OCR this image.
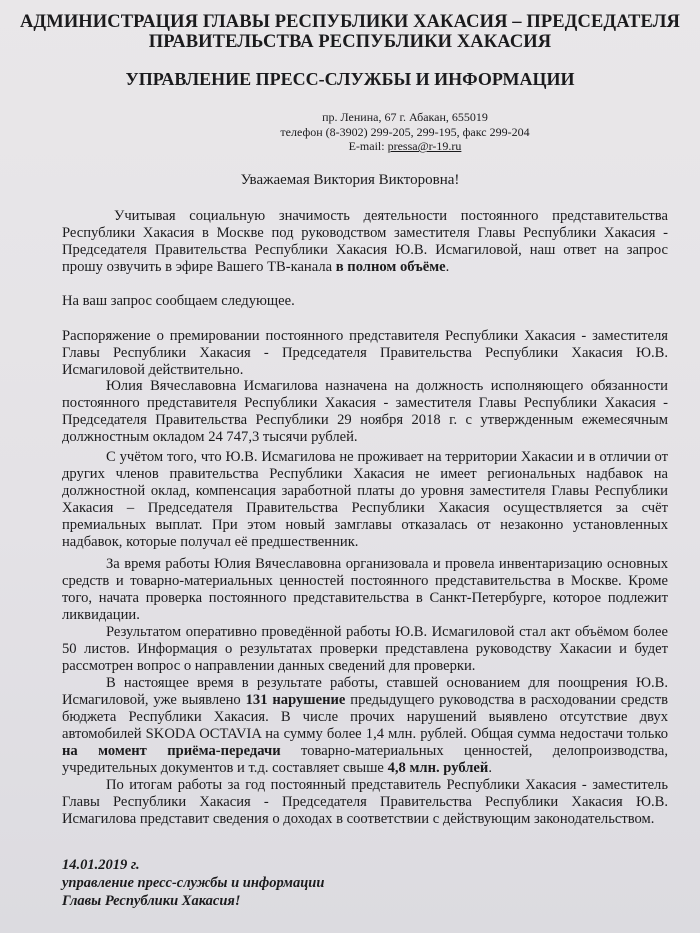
АДМИНИСТРАЦИЯ ГЛАВЫ РЕСПУБЛИКИ ХАКАСИЯ – ПРЕДСЕДАТЕЛЯ
ПРАВИТЕЛЬСТВА РЕСПУБЛИКИ ХАКАСИЯ
УПРАВЛЕНИЕ ПРЕСС-СЛУЖБЫ И ИНФОРМАЦИИ
пр. Ленина, 67 г. Абакан, 655019
телефон (8-3902) 299-205, 299-195, факс 299-204
E-mail: pressa@r-19.ru
Уважаемая Виктория Викторовна!

Учитывая социальную значимость деятельности постоянного представительства Республики Хакасия в Москве под руководством заместителя Главы Республики Хакасия - Председателя Правительства Республики Хакасия Ю.В. Исмагиловой, наш ответ на запрос прошу озвучить в эфире Вашего ТВ-канала в полном объёме.

На ваш запрос сообщаем следующее.

Распоряжение о премировании постоянного представителя Республики Хакасия - заместителя Главы Республики Хакасия - Председателя Правительства Республики Хакасия Ю.В. Исмагиловой действительно.

Юлия Вячеславовна Исмагилова назначена на должность исполняющего обязанности постоянного представителя Республики Хакасия - заместителя Главы Республики Хакасия - Председателя Правительства Республики 29 ноября 2018 г. с утвержденным ежемесячным должностным окладом 24 747,3 тысячи рублей.

С учётом того, что Ю.В. Исмагилова не проживает на территории Хакасии и в отличии от других членов правительства Республики Хакасия не имеет региональных надбавок на должностной оклад, компенсация заработной платы до уровня заместителя Главы Республики Хакасия – Председателя Правительства Республики Хакасия осуществляется за счёт премиальных выплат. При этом новый замглавы отказалась от незаконно установленных надбавок, которые получал её предшественник.

За время работы Юлия Вячеславовна организовала и провела инвентаризацию основных средств и товарно-материальных ценностей постоянного представительства в Москве. Кроме того, начата проверка постоянного представительства в Санкт-Петербурге, которое подлежит ликвидации.

Результатом оперативно проведённой работы Ю.В. Исмагиловой стал акт объёмом более 50 листов. Информация о результатах проверки представлена руководству Хакасии и будет рассмотрен вопрос о направлении данных сведений для проверки.

В настоящее время в результате работы, ставшей основанием для поощрения Ю.В. Исмагиловой, уже выявлено 131 нарушение предыдущего руководства в расходовании средств бюджета Республики Хакасия. В числе прочих нарушений выявлено отсутствие двух автомобилей SKODA OCTAVIA на сумму более 1,4 млн. рублей. Общая сумма недостачи только на момент приёма-передачи товарно-материальных ценностей, делопроизводства, учредительных документов и т.д. составляет свыше 4,8 млн. рублей.

По итогам работы за год постоянный представитель Республики Хакасия - заместитель Главы Республики Хакасия - Председателя Правительства Республики Хакасия Ю.В. Исмагилова представит сведения о доходах в соответствии с действующим законодательством.

14.01.2019 г.
управление пресс-службы и информации
Главы Республики Хакасия!
